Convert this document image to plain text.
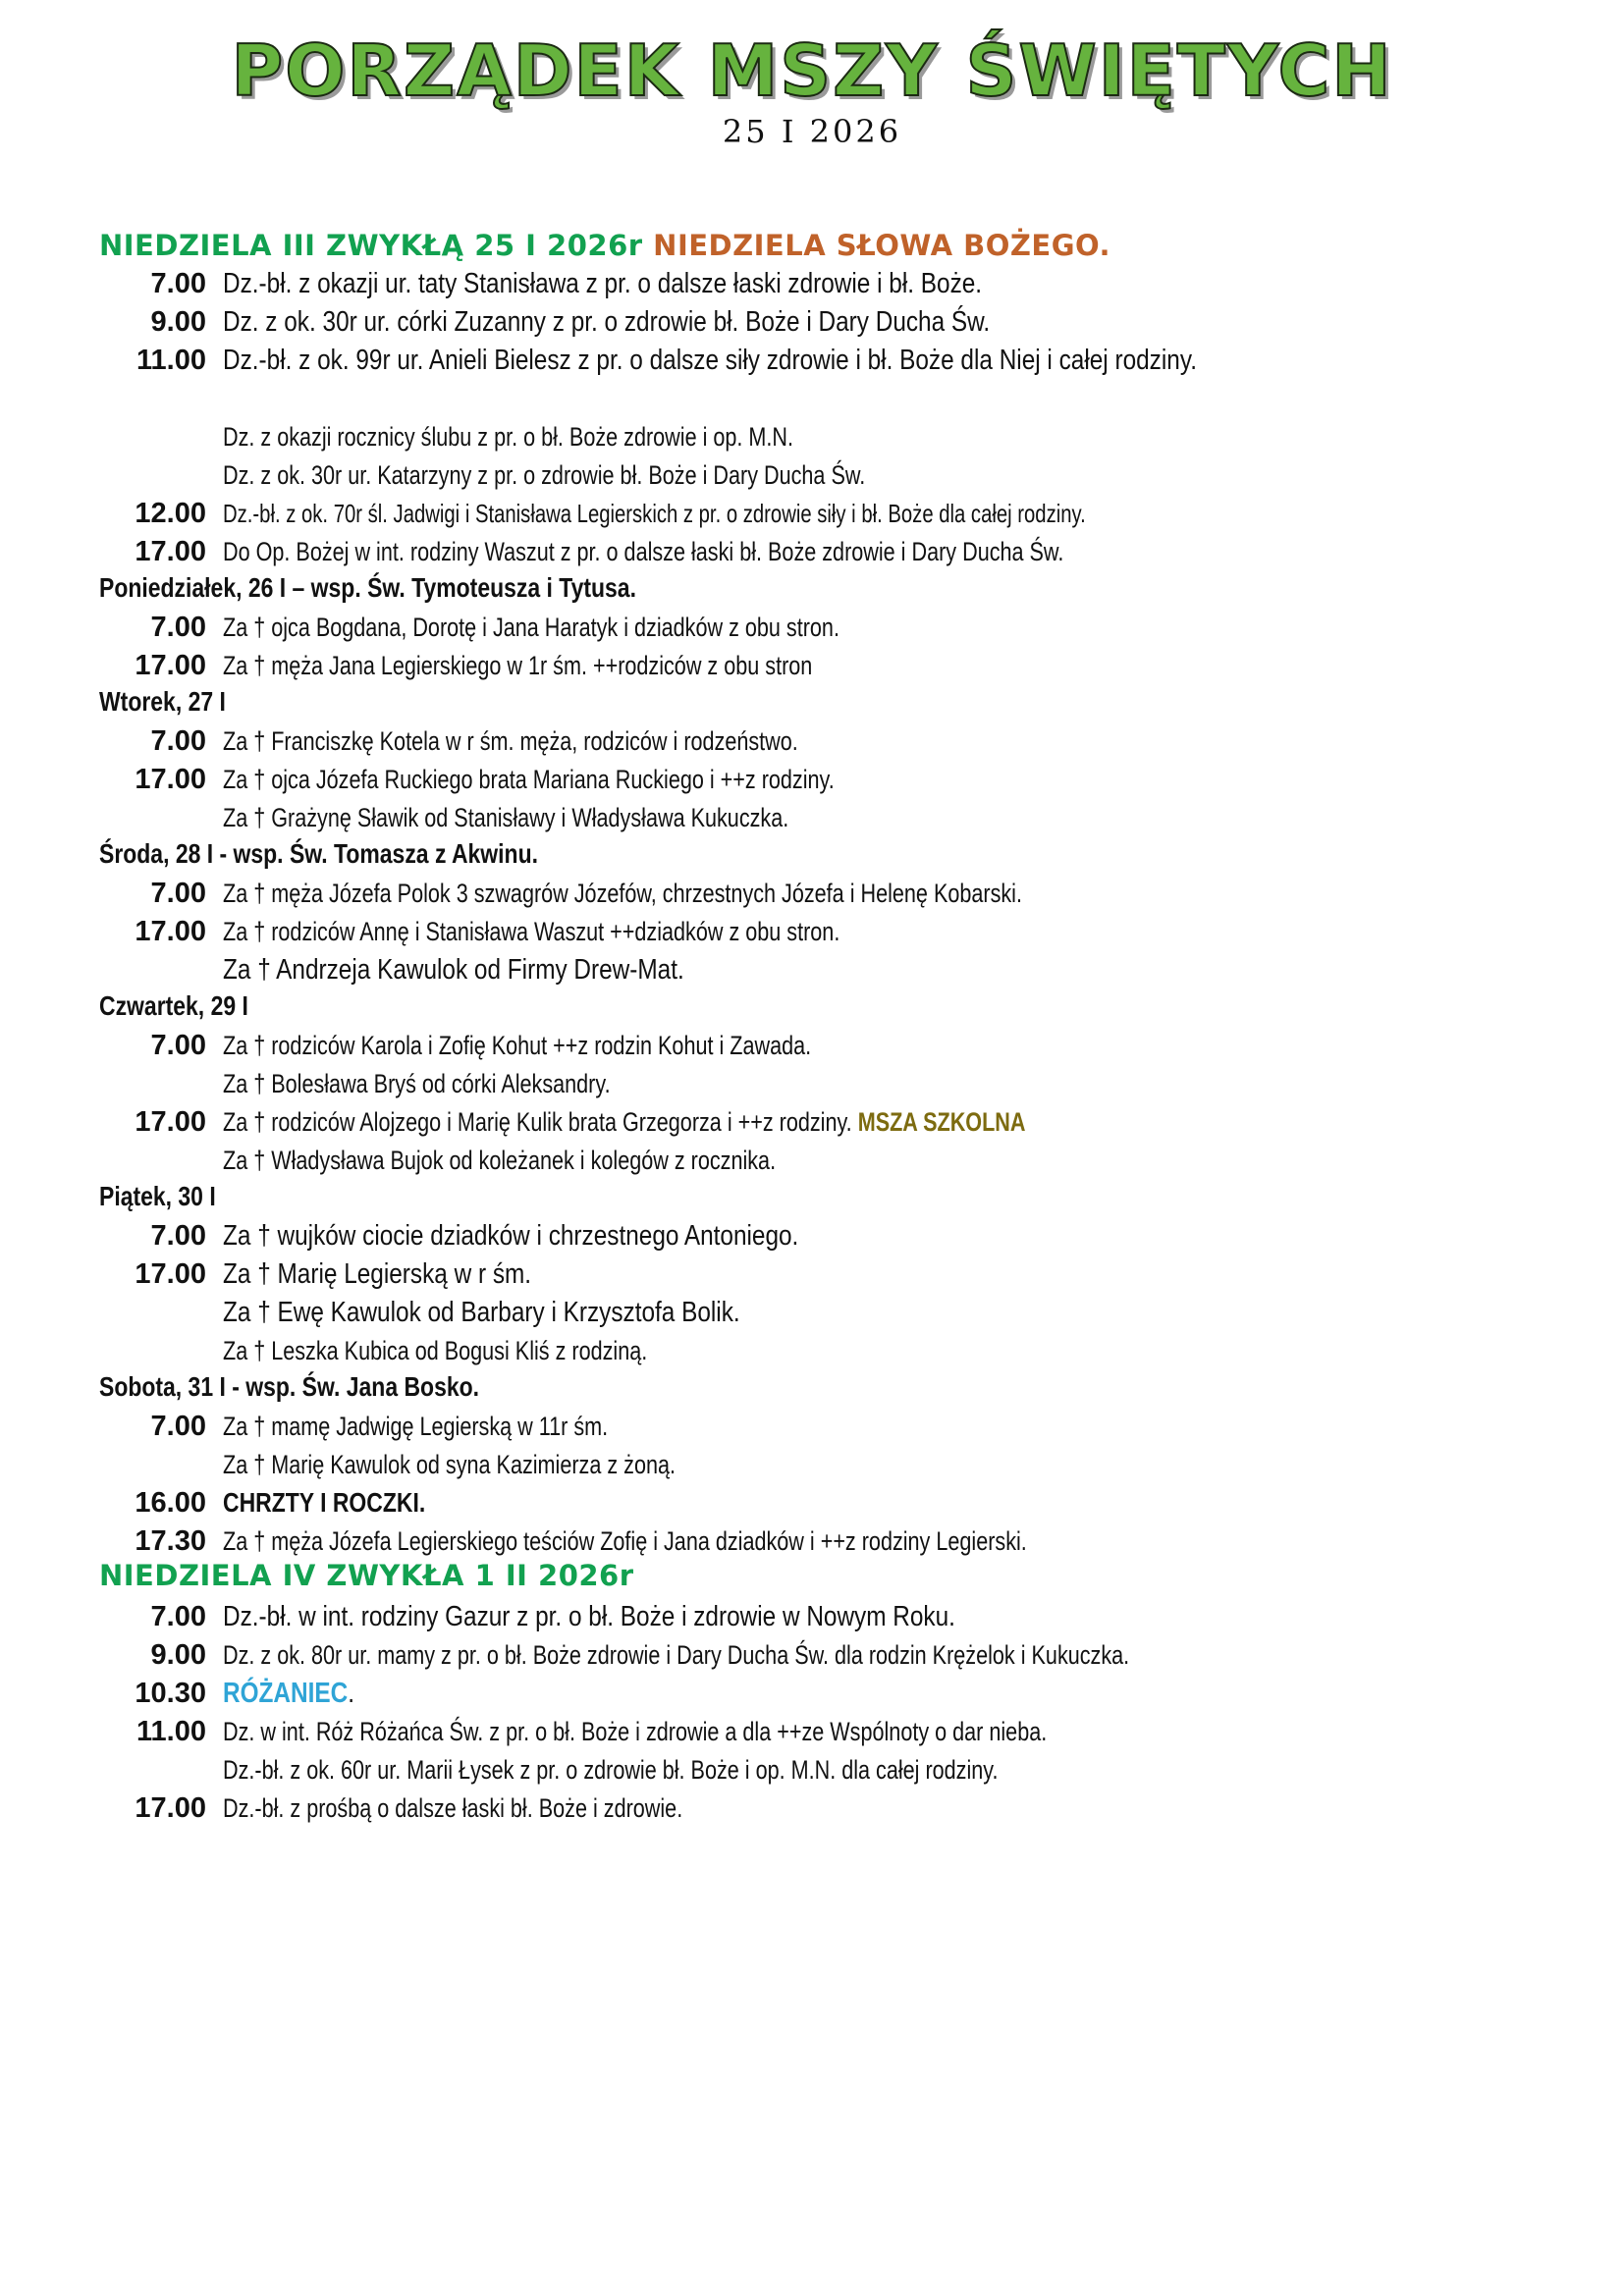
PORZĄDEK MSZY ŚWIĘTYCH
25 I 2026
NIEDZIELA III ZWYKŁĄ 25 I 2026r NIEDZIELA SŁOWA BOŻEGO.
7.00 Dz.-bł. z okazji ur. taty Stanisława z pr. o dalsze łaski zdrowie i bł. Boże.
9.00 Dz. z ok. 30r ur. córki Zuzanny z pr. o zdrowie bł. Boże i Dary Ducha Św.
11.00 Dz.-bł. z ok. 99r ur. Anieli Bielesz z pr. o dalsze siły zdrowie i bł. Boże dla Niej i całej rodziny.
Dz. z okazji rocznicy ślubu z pr. o bł. Boże zdrowie i op. M.N.
Dz. z ok. 30r ur. Katarzyny z pr. o zdrowie bł. Boże i Dary Ducha Św.
12.00 Dz.-bł. z ok. 70r śl. Jadwigi i Stanisława Legierskich z pr. o zdrowie siły i bł. Boże dla całej rodziny.
17.00 Do Op. Bożej w int. rodziny Waszut z pr. o dalsze łaski bł. Boże zdrowie i Dary Ducha Św.
Poniedziałek, 26 I – wsp. Św. Tymoteusza i Tytusa.
7.00 Za † ojca Bogdana, Dorotę i Jana Haratyk i dziadków z obu stron.
17.00 Za † męża Jana Legierskiego w 1r śm. ++rodziców z obu stron
Wtorek, 27 I
7.00 Za † Franciszkę Kotela w r śm. męża, rodziców i rodzeństwo.
17.00 Za † ojca Józefa Ruckiego brata Mariana Ruckiego i ++z rodziny.
Za † Grażynę Sławik od Stanisławy i Władysława Kukuczka.
Środa, 28 I - wsp. Św. Tomasza z Akwinu.
7.00 Za † męża Józefa Polok 3 szwagrów Józefów, chrzestnych Józefa i Helenę Kobarski.
17.00 Za † rodziców Annę i Stanisława Waszut ++dziadków z obu stron.
Za † Andrzeja Kawulok od Firmy Drew-Mat.
Czwartek, 29 I
7.00 Za † rodziców Karola i Zofię Kohut ++z rodzin Kohut i Zawada.
Za † Bolesława Bryś od córki Aleksandry.
17.00 Za † rodziców Alojzego i Marię Kulik brata Grzegorza i ++z rodziny. MSZA SZKOLNA
Za † Władysława Bujok od koleżanek i kolegów z rocznika.
Piątek, 30 I
7.00 Za † wujków ciocie dziadków i chrzestnego Antoniego.
17.00 Za † Marię Legierską w r śm.
Za † Ewę Kawulok od Barbary i Krzysztofa Bolik.
Za † Leszka Kubica od Bogusi Kliś z rodziną.
Sobota, 31 I - wsp. Św. Jana Bosko.
7.00 Za † mamę Jadwigę Legierską w 11r śm.
Za † Marię Kawulok od syna Kazimierza z żoną.
16.00 CHRZTY I ROCZKI.
17.30 Za † męża Józefa Legierskiego teściów Zofię i Jana dziadków i ++z rodziny Legierski.
NIEDZIELA IV ZWYKŁA 1 II 2026r
7.00 Dz.-bł. w int. rodziny Gazur z pr. o bł. Boże i zdrowie w Nowym Roku.
9.00 Dz. z ok. 80r ur. mamy z pr. o bł. Boże zdrowie i Dary Ducha Św. dla rodzin Krężelok i Kukuczka.
10.30 RÓŻANIEC.
11.00 Dz. w int. Róż Różańca Św. z pr. o bł. Boże i zdrowie a dla ++ze Wspólnoty o dar nieba.
Dz.-bł. z ok. 60r ur. Marii Łysek z pr. o zdrowie bł. Boże i op. M.N. dla całej rodziny.
17.00 Dz.-bł. z prośbą o dalsze łaski bł. Boże i zdrowie.
